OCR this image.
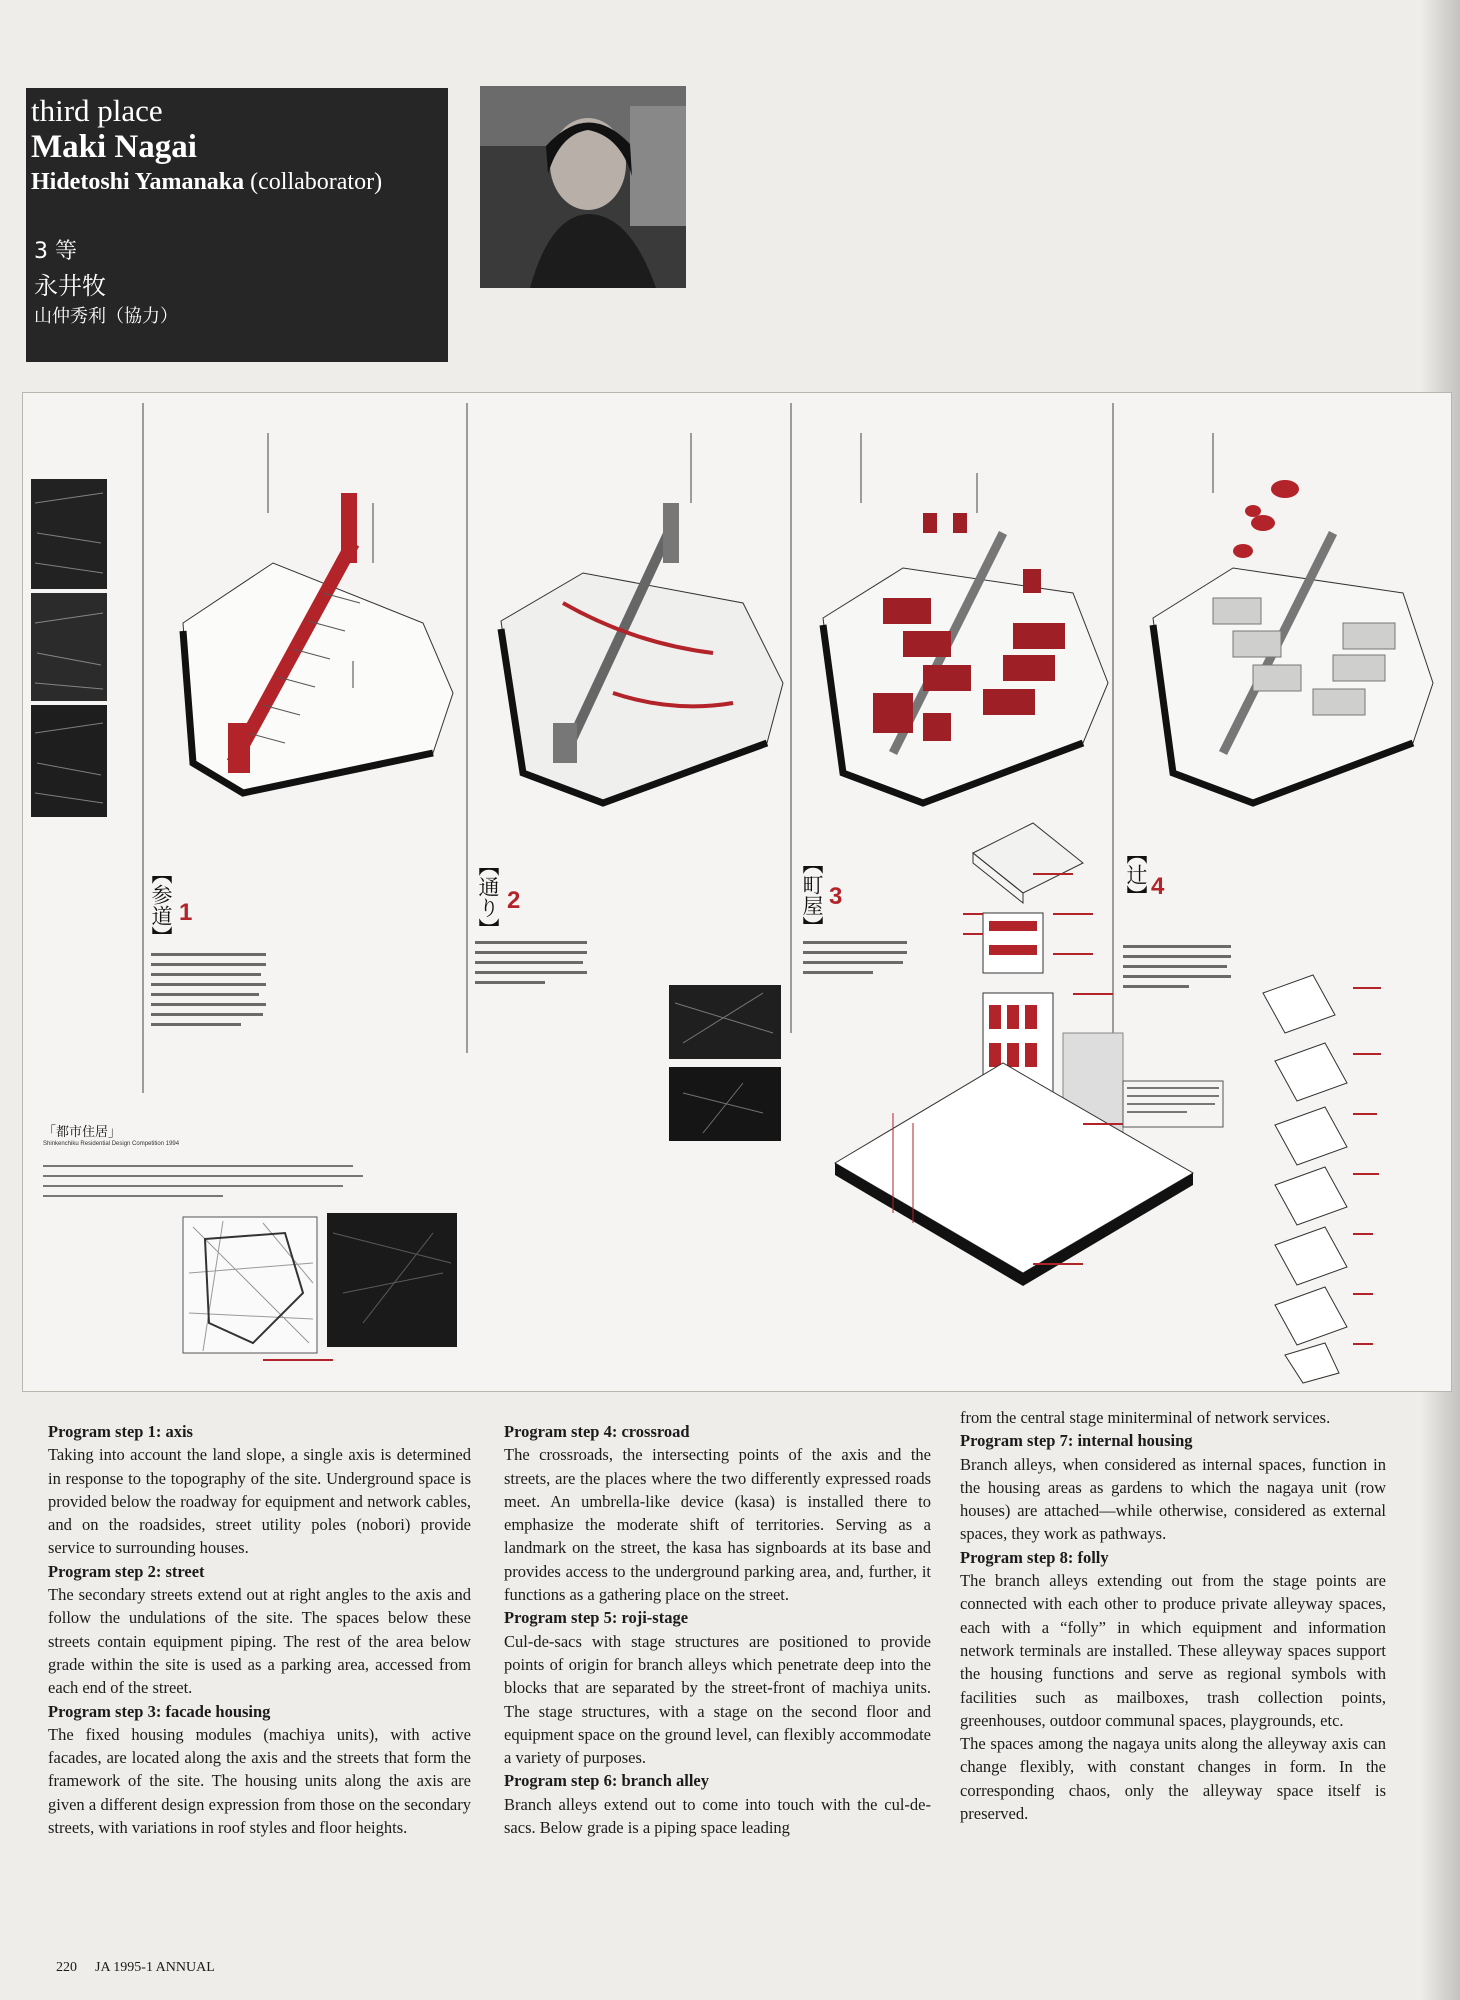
third place
Maki Nagai
Hidetoshi Yamanaka (collaborator)
3 等
永井牧
山仲秀利（協力）
【参道】 1	【通り】 2	【町屋】 3	【辻】 4
「都市住居」
Shinkenchiku Residential Design Competition 1994
Program step 1: axis

Taking into account the land slope, a single axis is determined in response to the topography of the site. Underground space is provided below the roadway for equipment and network cables, and on the roadsides, street utility poles (nobori) provide service to surrounding houses.

Program step 2: street

The secondary streets extend out at right angles to the axis and follow the undulations of the site. The spaces below these streets contain equipment piping. The rest of the area below grade within the site is used as a parking area, accessed from each end of the street.

Program step 3: facade housing

The fixed housing modules (machiya units), with active facades, are located along the axis and the streets that form the framework of the site. The housing units along the axis are given a different design expression from those on the secondary streets, with variations in roof styles and floor heights.

Program step 4: crossroad

The crossroads, the intersecting points of the axis and the streets, are the places where the two differently expressed roads meet. An umbrella-like device (kasa) is installed there to emphasize the moderate shift of territories. Serving as a landmark on the street, the kasa has signboards at its base and provides access to the underground parking area, and, further, it functions as a gathering place on the street.

Program step 5: roji-stage

Cul-de-sacs with stage structures are positioned to provide points of origin for branch alleys which penetrate deep into the blocks that are separated by the street-front of machiya units. The stage structures, with a stage on the second floor and equipment space on the ground level, can flexibly accommodate a variety of purposes.

Program step 6: branch alley

Branch alleys extend out to come into touch with the cul-de-sacs. Below grade is a piping space leading

from the central stage miniterminal of network services.

Program step 7: internal housing

Branch alleys, when considered as internal spaces, function in the housing areas as gardens to which the nagaya unit (row houses) are attached—while otherwise, considered as external spaces, they work as pathways.

Program step 8: folly

The branch alleys extending out from the stage points are connected with each other to produce private alleyway spaces, each with a “folly” in which equipment and information network terminals are installed. These alleyway spaces support the housing functions and serve as regional symbols with facilities such as mailboxes, trash collection points, greenhouses, outdoor communal spaces, playgrounds, etc.

The spaces among the nagaya units along the alleyway axis can change flexibly, with constant changes in form. In the corresponding chaos, only the alleyway space itself is preserved.

220 JA 1995-1 ANNUAL
